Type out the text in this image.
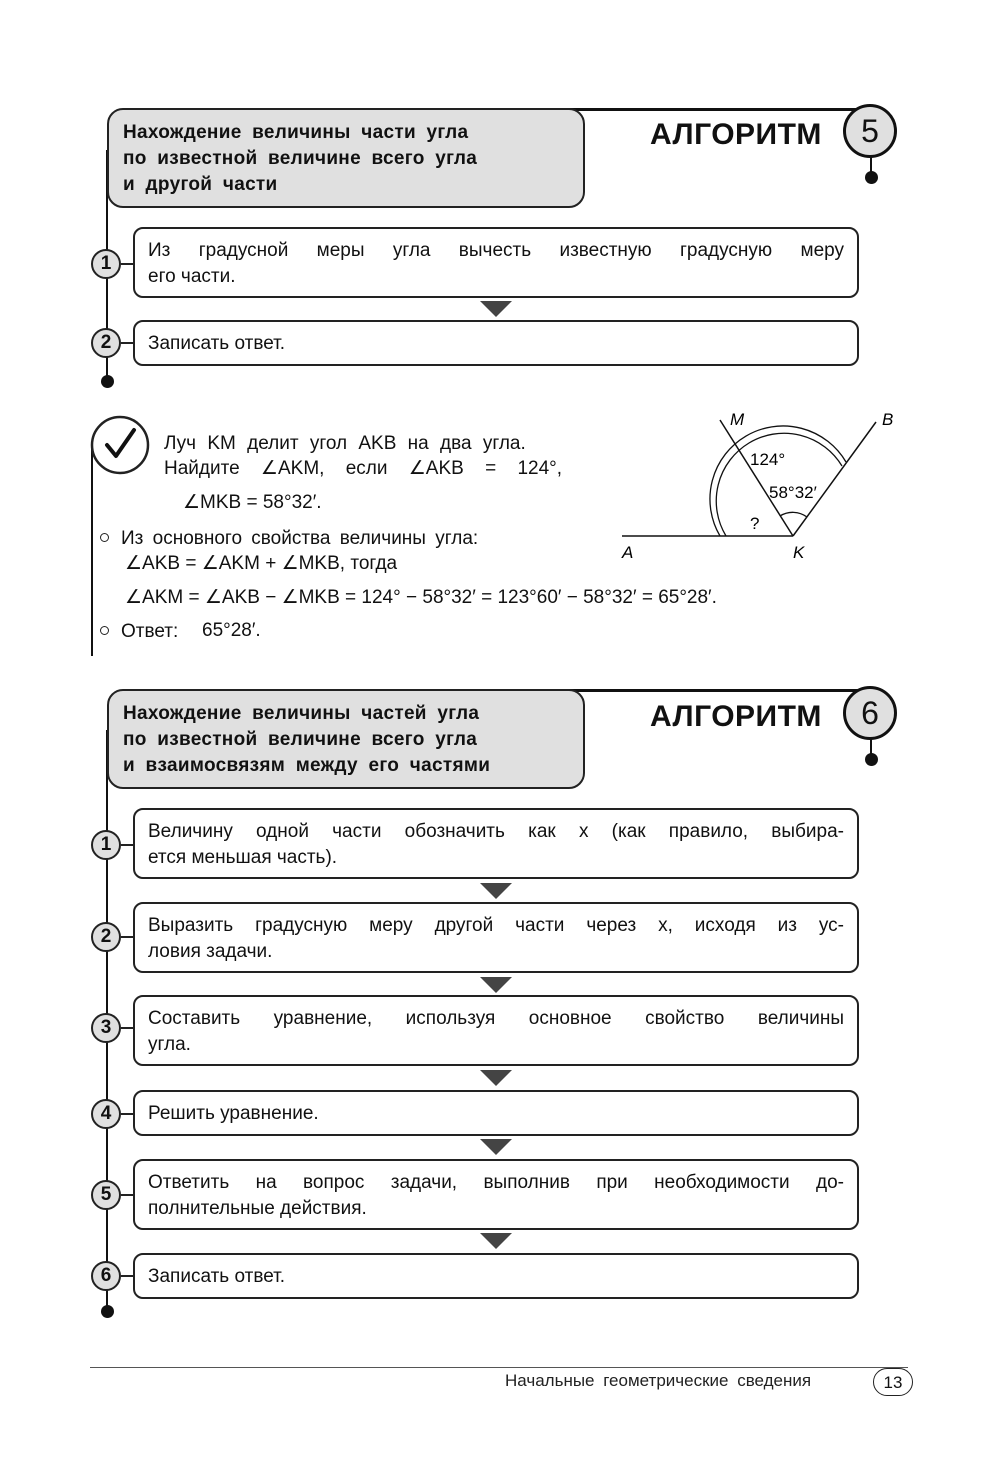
Нахождение величины части угла
по известной величине всего угла
и другой части
АЛГОРИТМ	5
1
Из градусной меры угла вычесть известную градусную меру
его части.
2	Записать ответ.
Луч KM делит угол AKB на два угла.
Найдите ∠AKM, если ∠AKB = 124°,
∠MKB = 58°32′.
Из основного свойства величины угла:
∠AKB = ∠AKM + ∠MKB, тогда
∠AKM = ∠AKB − ∠MKB = 124° − 58°32′ = 123°60′ − 58°32′ = 65°28′.
Ответ: 65°28′.
M	B
A	K
124°
58°32′
?
Нахождение величины частей угла
по известной величине всего угла
и взаимосвязям между его частями
АЛГОРИТМ	6
1
Величину одной части обозначить как x (как правило, выбира-
ется меньшая часть).
2
Выразить градусную меру другой части через x, исходя из ус-
ловия задачи.
3	Составить уравнение, используя основное свойство величины
угла.
4	Решить уравнение.
5
Ответить на вопрос задачи, выполнив при необходимости до-
полнительные действия.
6	Записать ответ.
Начальные геометрические сведения	13
